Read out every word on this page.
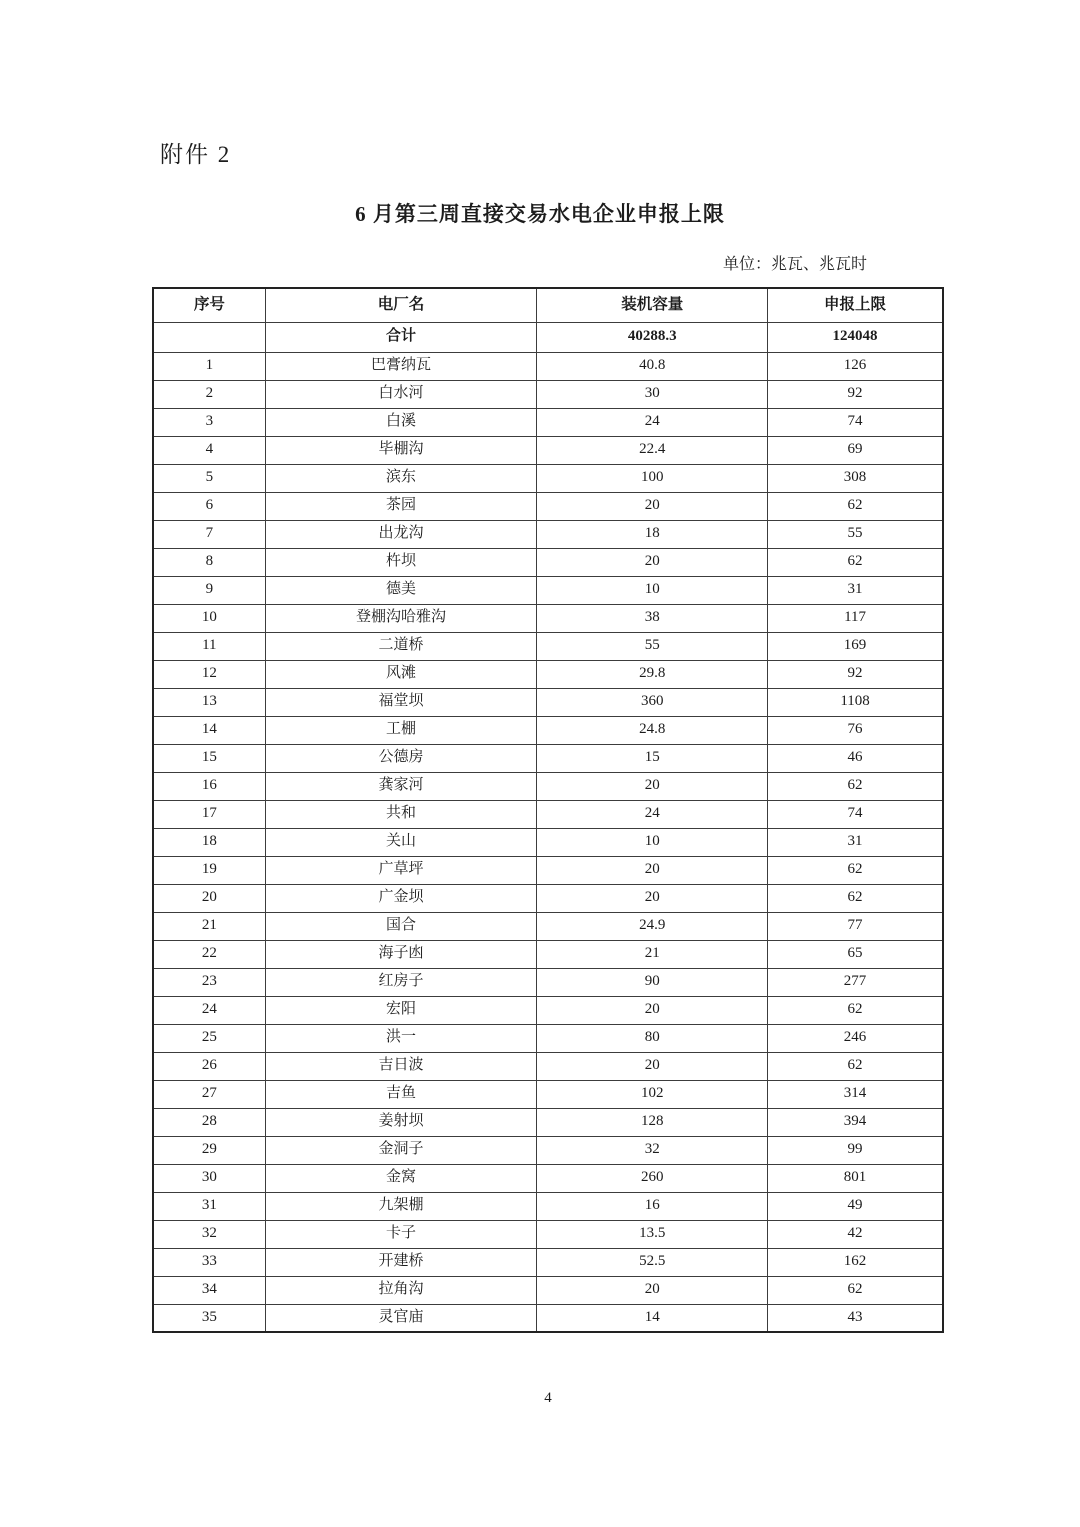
附件 2
6 月第三周直接交易水电企业申报上限
单位：兆瓦、兆瓦时
序号	电厂名	装机容量	申报上限
	合计	40288.3	124048
1	巴膏纳瓦	40.8	126
2	白水河	30	92
3	白溪	24	74
4	毕棚沟	22.4	69
5	滨东	100	308
6	茶园	20	62
7	出龙沟	18	55
8	杵坝	20	62
9	德美	10	31
10	登棚沟哈雅沟	38	117
11	二道桥	55	169
12	风滩	29.8	92
13	福堂坝	360	1108
14	工棚	24.8	76
15	公德房	15	46
16	龚家河	20	62
17	共和	24	74
18	关山	10	31
19	广草坪	20	62
20	广金坝	20	62
21	国合	24.9	77
22	海子凼	21	65
23	红房子	90	277
24	宏阳	20	62
25	洪一	80	246
26	吉日波	20	62
27	吉鱼	102	314
28	姜射坝	128	394
29	金洞子	32	99
30	金窝	260	801
31	九架棚	16	49
32	卡子	13.5	42
33	开建桥	52.5	162
34	拉角沟	20	62
35	灵官庙	14	43
4
